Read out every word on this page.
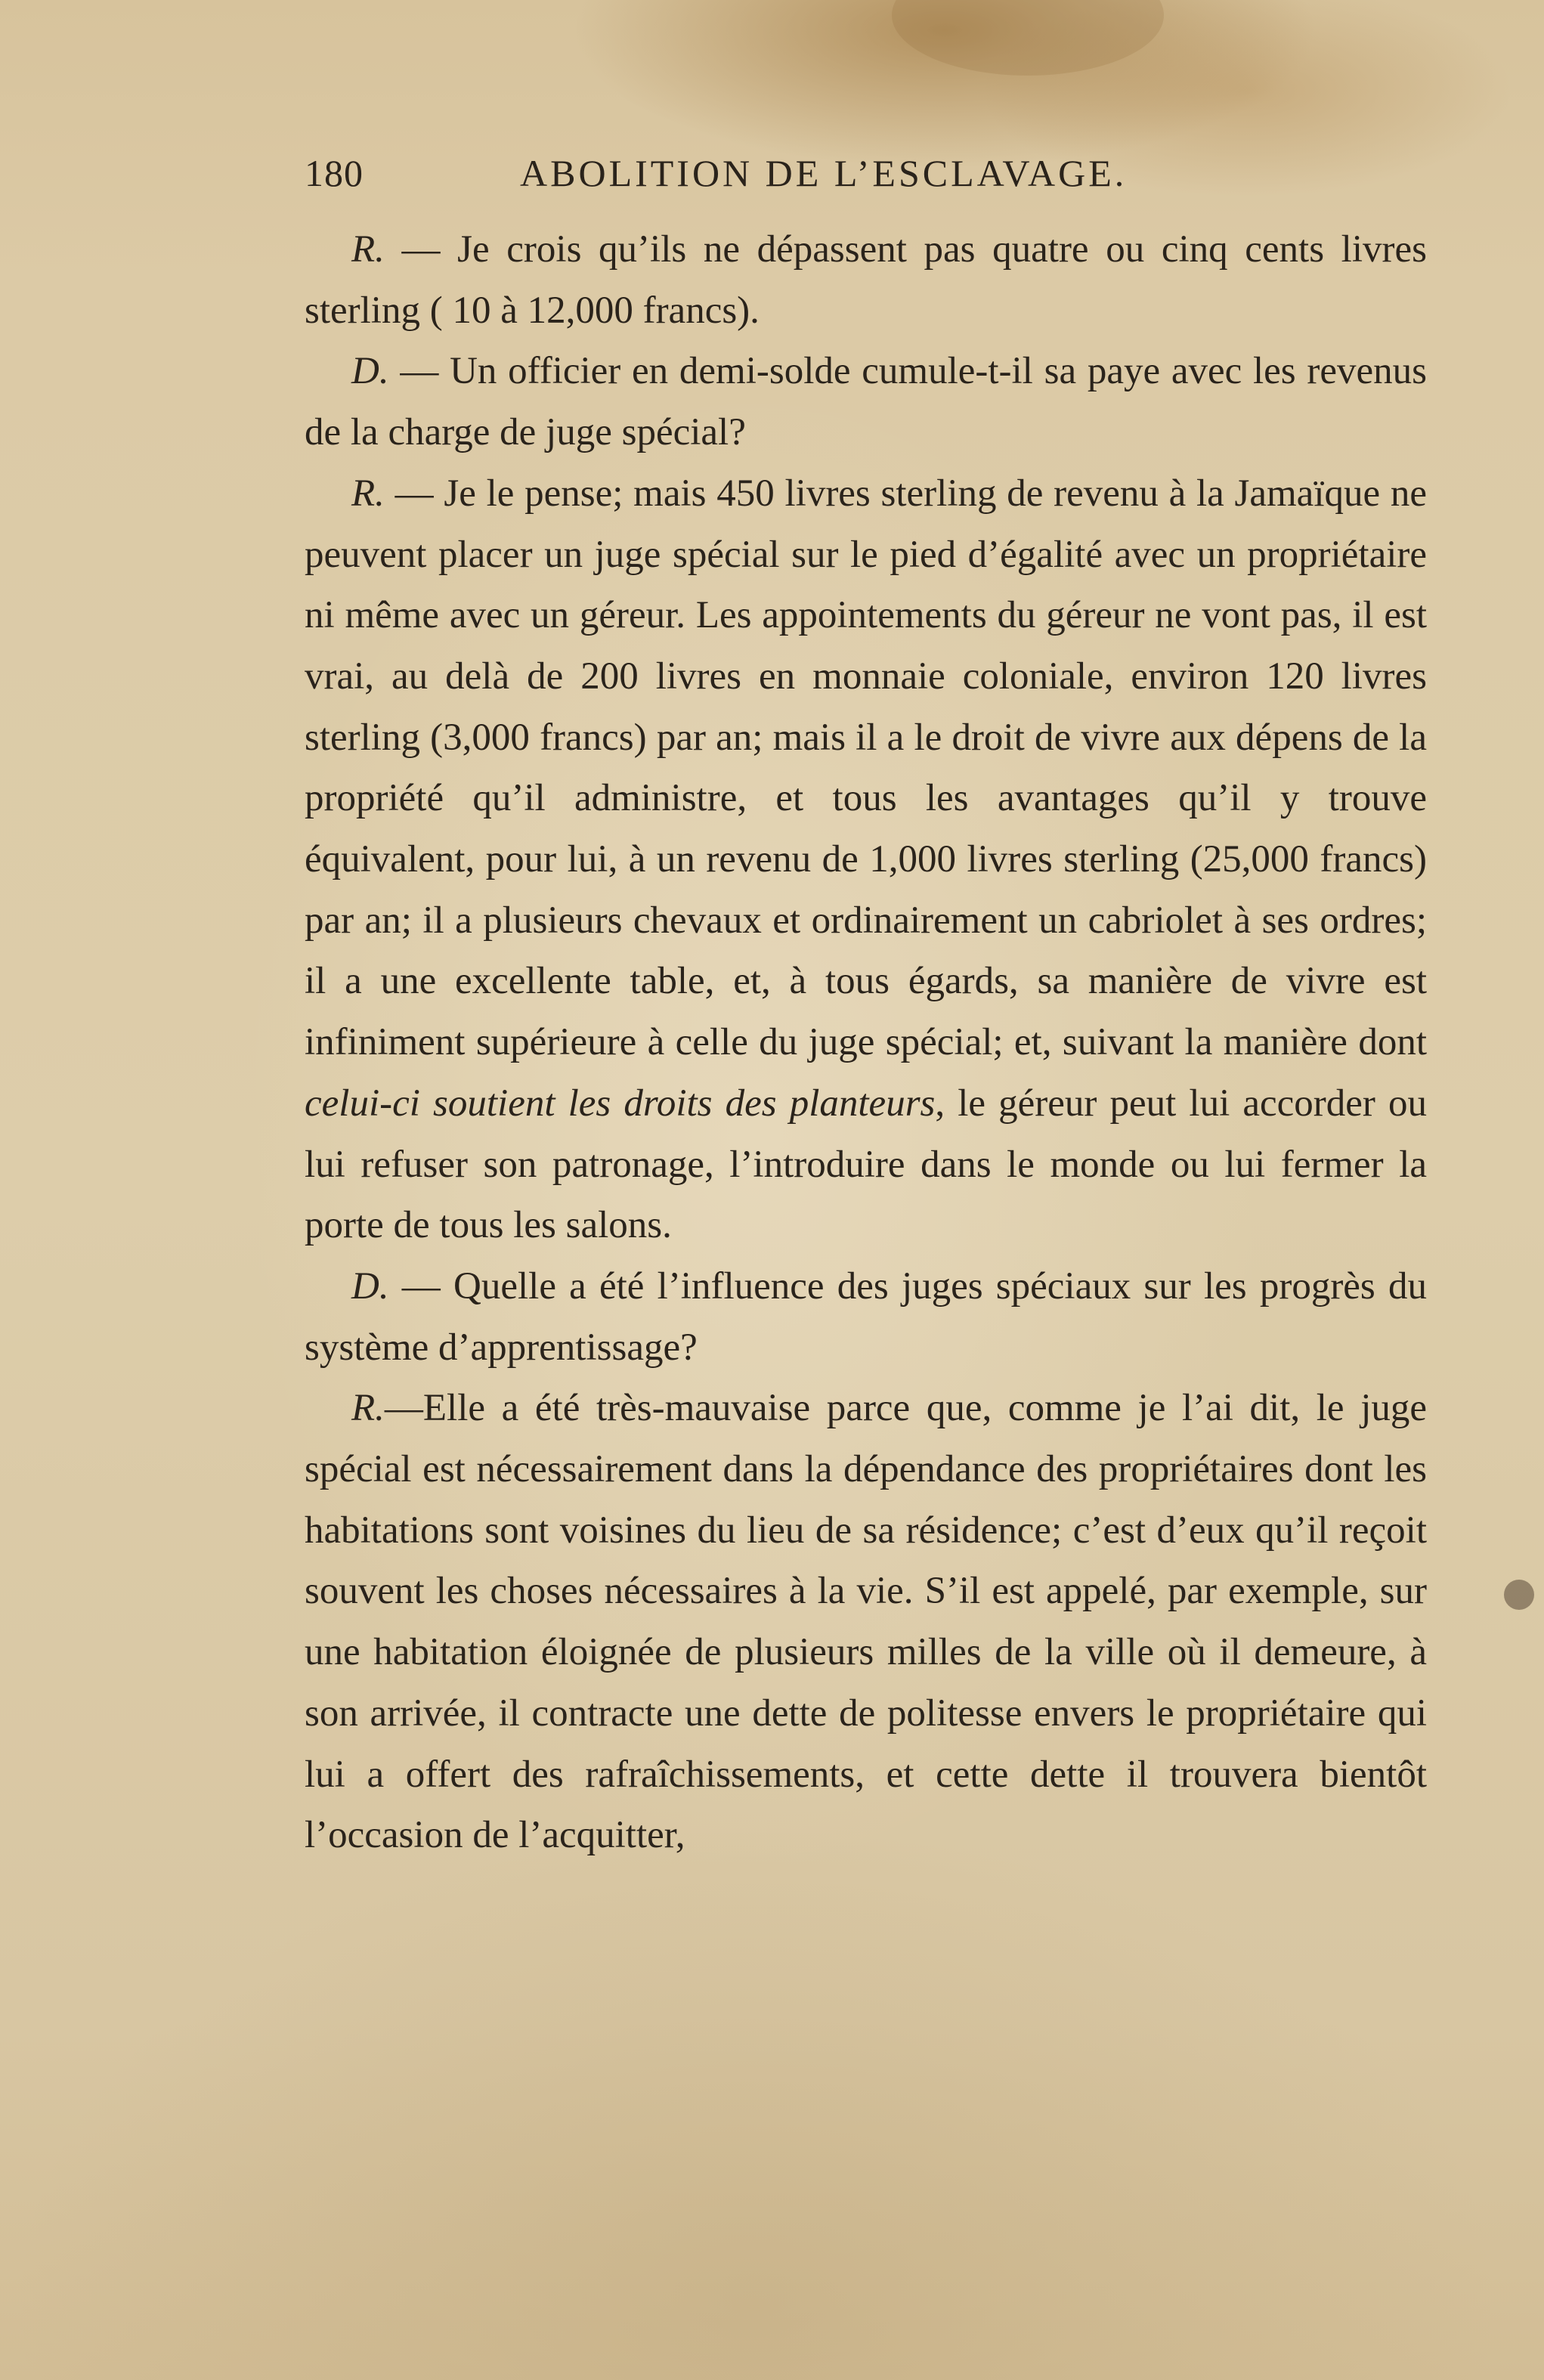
180	ABOLITION DE L’ESCLAVAGE.

R. — Je crois qu’ils ne dépassent pas quatre ou cinq cents livres sterling ( 10 à 12,000 francs).

D. — Un officier en demi-solde cumule-t-il sa paye avec les revenus de la charge de juge spécial?

R. — Je le pense; mais 450 livres sterling de revenu à la Jamaïque ne peuvent placer un juge spécial sur le pied d’égalité avec un propriétaire ni même avec un géreur. Les appointements du géreur ne vont pas, il est vrai, au delà de 200 livres en monnaie coloniale, environ 120 livres sterling (3,000 francs) par an; mais il a le droit de vivre aux dépens de la propriété qu’il administre, et tous les avantages qu’il y trouve équivalent, pour lui, à un revenu de 1,000 livres sterling (25,000 francs) par an; il a plusieurs chevaux et ordinairement un cabriolet à ses ordres; il a une excellente table, et, à tous égards, sa manière de vivre est infiniment supérieure à celle du juge spécial; et, suivant la manière dont celui-ci soutient les droits des planteurs, le géreur peut lui accorder ou lui refuser son patronage, l’introduire dans le monde ou lui fermer la porte de tous les salons.

D. — Quelle a été l’influence des juges spéciaux sur les progrès du système d’apprentissage?

R.—Elle a été très-mauvaise parce que, comme je l’ai dit, le juge spécial est nécessairement dans la dépendance des propriétaires dont les habitations sont voisines du lieu de sa résidence; c’est d’eux qu’il reçoit souvent les choses nécessaires à la vie. S’il est appelé, par exemple, sur une habitation éloignée de plusieurs milles de la ville où il demeure, à son arrivée, il contracte une dette de politesse envers le propriétaire qui lui a offert des rafraîchissements, et cette dette il trouvera bientôt l’occasion de l’acquitter,
